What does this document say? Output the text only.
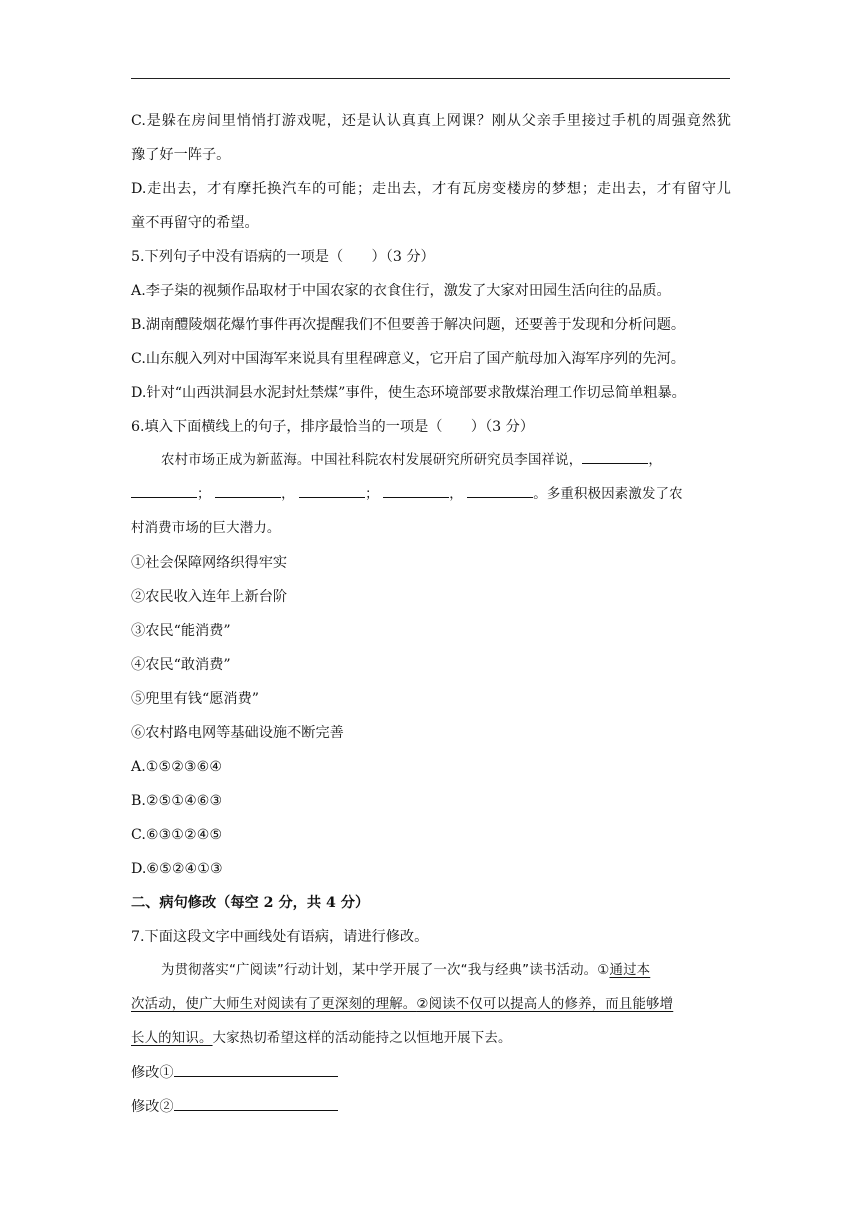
C.是躲在房间里悄悄打游戏呢，还是认认真真上网课？刚从父亲手里接过手机的周强竟然犹
豫了好一阵子。
D.走出去，才有摩托换汽车的可能；走出去，才有瓦房变楼房的梦想；走出去，才有留守儿
童不再留守的希望。
5.下列句子中没有语病的一项是（　　）（3 分）
A.李子柒的视频作品取材于中国农家的衣食住行，激发了大家对田园生活向往的品质。
B.湖南醴陵烟花爆竹事件再次提醒我们不但要善于解决问题，还要善于发现和分析问题。
C.山东舰入列对中国海军来说具有里程碑意义，它开启了国产航母加入海军序列的先河。
D.针对“山西洪洞县水泥封灶禁煤”事件，使生态环境部要求散煤治理工作切忌简单粗暴。
6.填入下面横线上的句子，排序最恰当的一项是（　　）（3 分）
农村市场正成为新蓝海。中国社科院农村发展研究所研究员李国祥说，	，
；	，	；	，	。多重积极因素激发了农
村消费市场的巨大潜力。
①社会保障网络织得牢实
②农民收入连年上新台阶
③农民“能消费”
④农民“敢消费”
⑤兜里有钱“愿消费”
⑥农村路电网等基础设施不断完善
A.①⑤②③⑥④
B.②⑤①④⑥③
C.⑥③①②④⑤
D.⑥⑤②④①③
二、病句修改（每空 2 分，共 4 分）
7.下面这段文字中画线处有语病，请进行修改。
为贯彻落实“广阅读”行动计划，某中学开展了一次“我与经典”读书活动。①通过本
次活动，使广大师生对阅读有了更深刻的理解。②阅读不仅可以提高人的修养，而且能够增
长人的知识。大家热切希望这样的活动能持之以恒地开展下去。
修改①
修改②
